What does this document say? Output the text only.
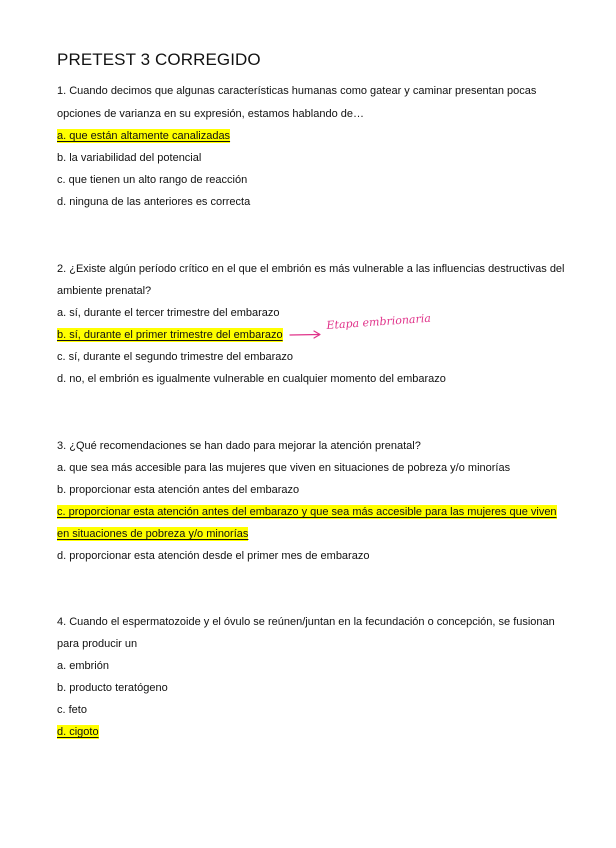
PRETEST 3 CORREGIDO
1. Cuando decimos que algunas características humanas como gatear y caminar presentan pocas
opciones de varianza en su expresión, estamos hablando de…
a. que están altamente canalizadas
b. la variabilidad del potencial
c. que tienen un alto rango de reacción
d. ninguna de las anteriores es correcta
2. ¿Existe algún período crítico en el que el embrión es más vulnerable a las influencias destructivas del
ambiente prenatal?
a. sí, durante el tercer trimestre del embarazo
b. sí, durante el primer trimestre del embarazo
c. sí, durante el segundo trimestre del embarazo
d. no, el embrión es igualmente vulnerable en cualquier momento del embarazo
Etapa embrionaria
3. ¿Qué recomendaciones se han dado para mejorar la atención prenatal?
a. que sea más accesible para las mujeres que viven en situaciones de pobreza y/o minorías
b. proporcionar esta atención antes del embarazo
c. proporcionar esta atención antes del embarazo y que sea más accesible para las mujeres que viven
en situaciones de pobreza y/o minorías
d. proporcionar esta atención desde el primer mes de embarazo
4. Cuando el espermatozoide y el óvulo se reúnen/juntan en la fecundación o concepción, se fusionan
para producir un
a. embrión
b. producto teratógeno
c. feto
d. cigoto
